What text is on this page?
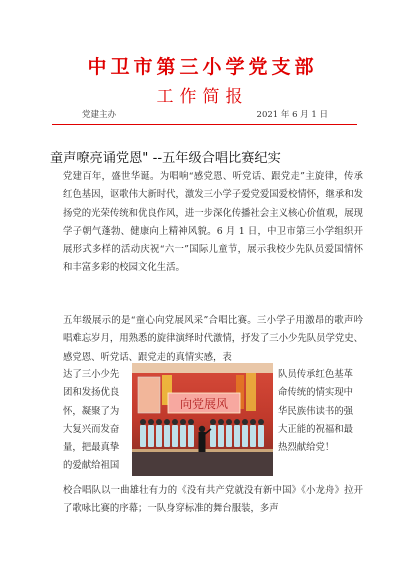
中卫市第三小学党支部
工作简报
党建主办	2021 年 6 月 1 日
童声嘹亮诵党恩" --五年级合唱比赛纪实

党建百年，盛世华诞。为唱响“感党恩、听党话、跟党走”主旋律，传承红色基因，讴歌伟大新时代，激发三小学子爱党爱国爱校情怀，继承和发扬党的光荣传统和优良作风，进一步深化传播社会主义核心价值观，展现学子朝气蓬勃、健康向上精神风貌。6 月 1 日，中卫市第三小学组织开展形式多样的活动庆祝“六一”国际儿童节，展示我校少先队员爱国情怀和丰富多彩的校园文化生活。

五年级展示的是“童心向党展风采”合唱比赛。三小学子用激昂的歌声吟唱难忘岁月，用熟悉的旋律演绎时代激情，抒发了三小少先队员学党史、感党恩、听党话、跟党走的真情实感，表

达了三小少先团和发扬优良怀，凝聚了为大复兴而发奋量，把最真挚的爱献给祖国

向党展风

队员传承红色基革命传统的情实现中华民族伟读书的强大正能的祝福和最热烈献给党！

校合唱队以一曲雄壮有力的《没有共产党就没有新中国》《小龙舟》拉开了歌咏比赛的序幕；一队身穿标准的舞台服装，多声
